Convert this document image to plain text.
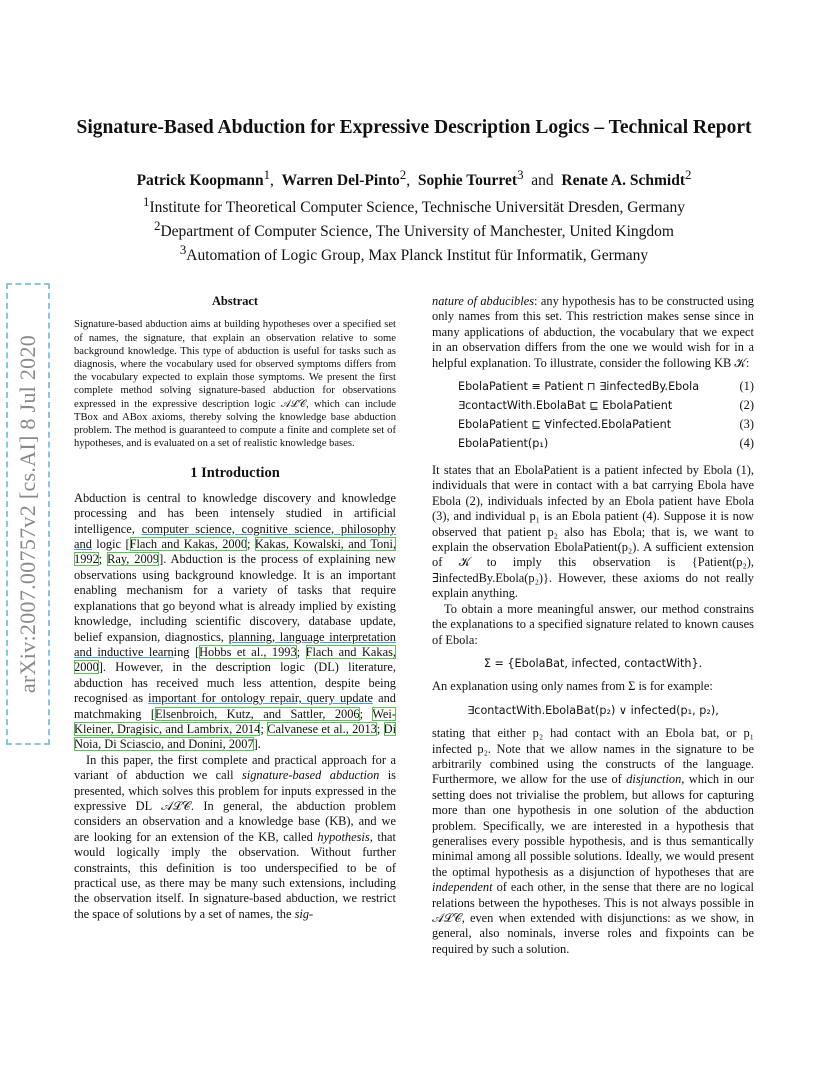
arXiv:2007.00757v2 [cs.AI] 8 Jul 2020
Signature-Based Abduction for Expressive Description Logics – Technical Report
Patrick Koopmann$^1$, Warren Del-Pinto$^2$, Sophie Tourret$^3$ and Renate A. Schmidt$^2$
$^1$Institute for Theoretical Computer Science, Technische Universität Dresden, Germany
$^2$Department of Computer Science, The University of Manchester, United Kingdom
$^3$Automation of Logic Group, Max Planck Institut für Informatik, Germany
Abstract

Signature-based abduction aims at building hypotheses over a specified set of names, the signature, that explain an observation relative to some background knowledge. This type of abduction is useful for tasks such as diagnosis, where the vocabulary used for observed symptoms differs from the vocabulary expected to explain those symptoms. We present the first complete method solving signature-based abduction for observations expressed in the expressive description logic 𝒜ℒ𝒞, which can include TBox and ABox axioms, thereby solving the knowledge base abduction problem. The method is guaranteed to compute a finite and complete set of hypotheses, and is evaluated on a set of realistic knowledge bases.

1 Introduction

Abduction is central to knowledge discovery and knowledge processing and has been intensely studied in artificial intelligence, computer science, cognitive science, philosophy and logic [Flach and Kakas, 2000; Kakas, Kowalski, and Toni, 1992; Ray, 2009]. Abduction is the process of explaining new observations using background knowledge. It is an important enabling mechanism for a variety of tasks that require explanations that go beyond what is already implied by existing knowledge, including scientific discovery, database update, belief expansion, diagnostics, planning, language interpretation and inductive learning [Hobbs et al., 1993; Flach and Kakas, 2000]. However, in the description logic (DL) literature, abduction has received much less attention, despite being recognised as important for ontology repair, query update and matchmaking [Elsenbroich, Kutz, and Sattler, 2006; Wei-Kleiner, Dragisic, and Lambrix, 2014; Calvanese et al., 2013; Di Noia, Di Sciascio, and Donini, 2007].

In this paper, the first complete and practical approach for a variant of abduction we call signature-based abduction is presented, which solves this problem for inputs expressed in the expressive DL 𝒜ℒ𝒞. In general, the abduction problem considers an observation and a knowledge base (KB), and we are looking for an extension of the KB, called hypothesis, that would logically imply the observation. Without further constraints, this definition is too underspecified to be of practical use, as there may be many such extensions, including the observation itself. In signature-based abduction, we restrict the space of solutions by a set of names, the sig-

nature of abducibles: any hypothesis has to be constructed using only names from this set. This restriction makes sense since in many applications of abduction, the vocabulary that we expect in an observation differs from the one we would wish for in a helpful explanation. To illustrate, consider the following KB 𝒦:

EbolaPatient ≡ Patient ⊓ ∃infectedBy.Ebola	(1)
∃contactWith.EbolaBat ⊑ EbolaPatient	(2)
EbolaPatient ⊑ ∀infected.EbolaPatient	(3)
EbolaPatient(p₁)	(4)

It states that an EbolaPatient is a patient infected by Ebola (1), individuals that were in contact with a bat carrying Ebola have Ebola (2), individuals infected by an Ebola patient have Ebola (3), and individual p₁ is an Ebola patient (4). Suppose it is now observed that patient p₂ also has Ebola; that is, we want to explain the observation EbolaPatient(p₂). A sufficient extension of 𝒦 to imply this observation is {Patient(p₂), ∃infectedBy.Ebola(p₂)}. However, these axioms do not really explain anything.

To obtain a more meaningful answer, our method constrains the explanations to a specified signature related to known causes of Ebola:

Σ = {EbolaBat, infected, contactWith}.

An explanation using only names from Σ is for example:

∃contactWith.EbolaBat(p₂) ∨ infected(p₁, p₂),

stating that either p₂ had contact with an Ebola bat, or p₁ infected p₂. Note that we allow names in the signature to be arbitrarily combined using the constructs of the language. Furthermore, we allow for the use of disjunction, which in our setting does not trivialise the problem, but allows for capturing more than one hypothesis in one solution of the abduction problem. Specifically, we are interested in a hypothesis that generalises every possible hypothesis, and is thus semantically minimal among all possible solutions. Ideally, we would present the optimal hypothesis as a disjunction of hypotheses that are independent of each other, in the sense that there are no logical relations between the hypotheses. This is not always possible in 𝒜ℒ𝒞, even when extended with disjunctions: as we show, in general, also nominals, inverse roles and fixpoints can be required by such a solution.
